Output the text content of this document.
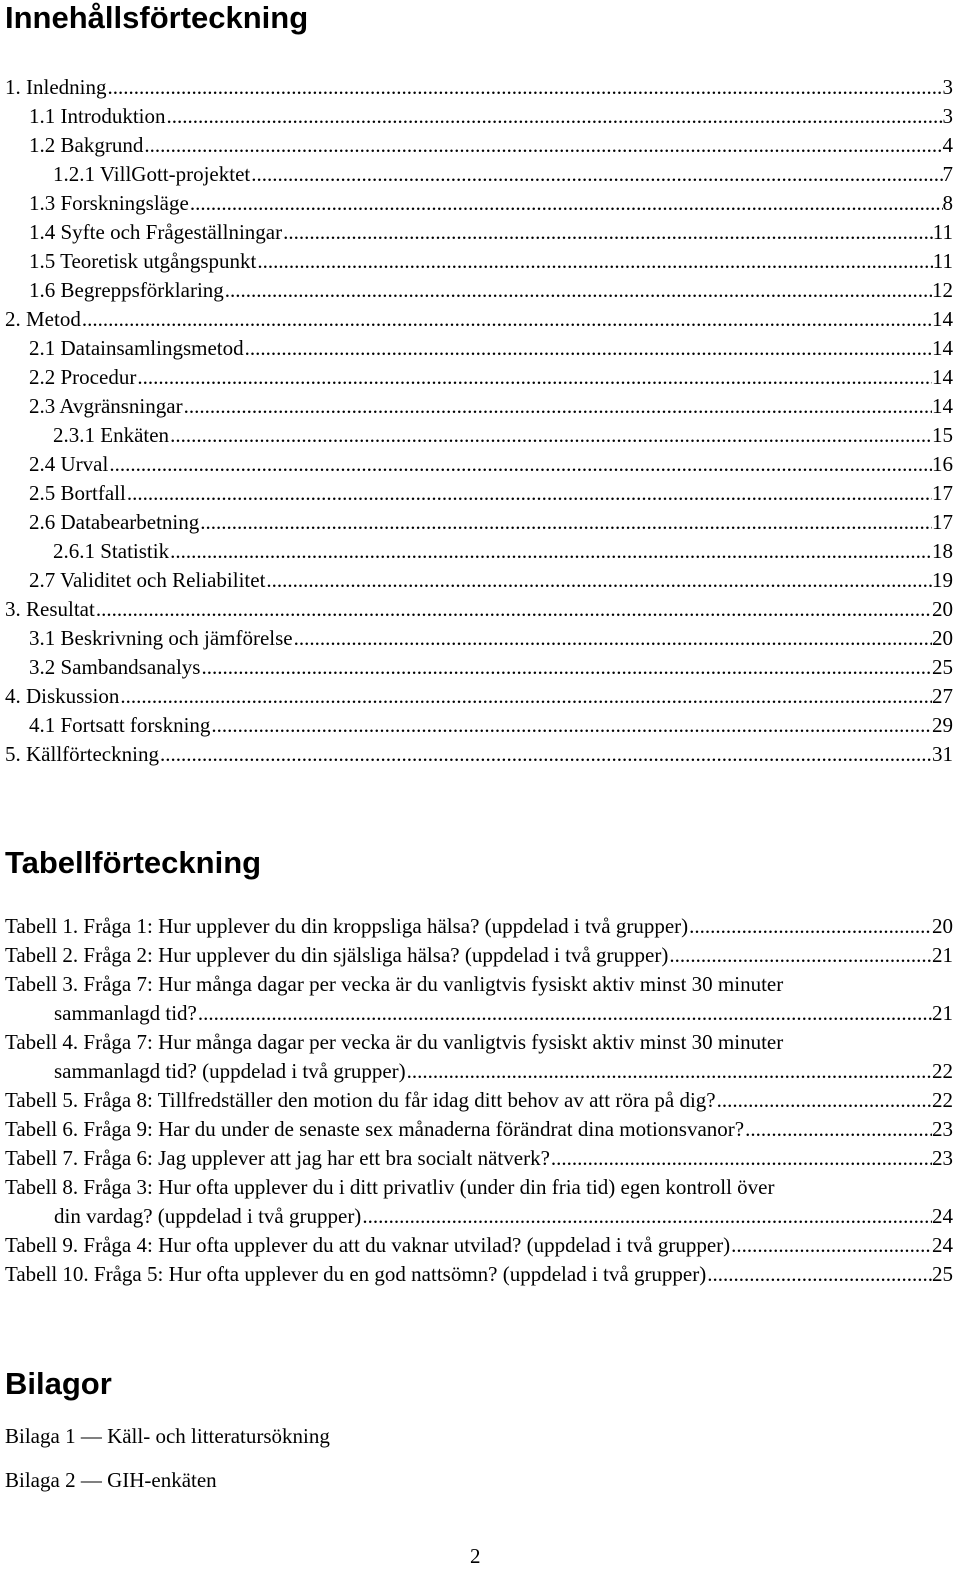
Innehållsförteckning
1. Inledning .....	3
1.1 Introduktion .....	3
1.2 Bakgrund .....	4
1.2.1 VillGott-projektet .....	7
1.3 Forskningsläge .....	8
1.4 Syfte och Frågeställningar .....	11
1.5 Teoretisk utgångspunkt .....	11
1.6 Begreppsförklaring .....	12
2. Metod .....	14
2.1 Datainsamlingsmetod .....	14
2.2 Procedur .....	14
2.3 Avgränsningar .....	14
2.3.1 Enkäten .....	15
2.4 Urval .....	16
2.5 Bortfall .....	17
2.6 Databearbetning .....	17
2.6.1 Statistik .....	18
2.7 Validitet och Reliabilitet .....	19
3. Resultat .....	20
3.1 Beskrivning och jämförelse .....	20
3.2 Sambandsanalys .....	25
4. Diskussion .....	27
4.1 Fortsatt forskning .....	29
5. Källförteckning .....	31
Tabellförteckning
Tabell 1. Fråga 1: Hur upplever du din kroppsliga hälsa? (uppdelad i två grupper) .....	20
Tabell 2. Fråga 2: Hur upplever du din själsliga hälsa? (uppdelad i två grupper) .....	21
Tabell 3. Fråga 7: Hur många dagar per vecka är du vanligtvis fysiskt aktiv minst 30 minuter
sammanlagd tid? .....	21
Tabell 4. Fråga 7: Hur många dagar per vecka är du vanligtvis fysiskt aktiv minst 30 minuter
sammanlagd tid? (uppdelad i två grupper) .....	22
Tabell 5. Fråga 8: Tillfredställer den motion du får idag ditt behov av att röra på dig? .....	22
Tabell 6. Fråga 9: Har du under de senaste sex månaderna förändrat dina motionsvanor? .....	23
Tabell 7. Fråga 6: Jag upplever att jag har ett bra socialt nätverk? .....	23
Tabell 8. Fråga 3: Hur ofta upplever du i ditt privatliv (under din fria tid) egen kontroll över
din vardag? (uppdelad i två grupper) .....	24
Tabell 9. Fråga 4: Hur ofta upplever du att du vaknar utvilad? (uppdelad i två grupper) .....	24
Tabell 10. Fråga 5: Hur ofta upplever du en god nattsömn? (uppdelad i två grupper) .....	25
Bilagor
Bilaga 1 — Käll- och litteratursökning
Bilaga 2 — GIH-enkäten
2
